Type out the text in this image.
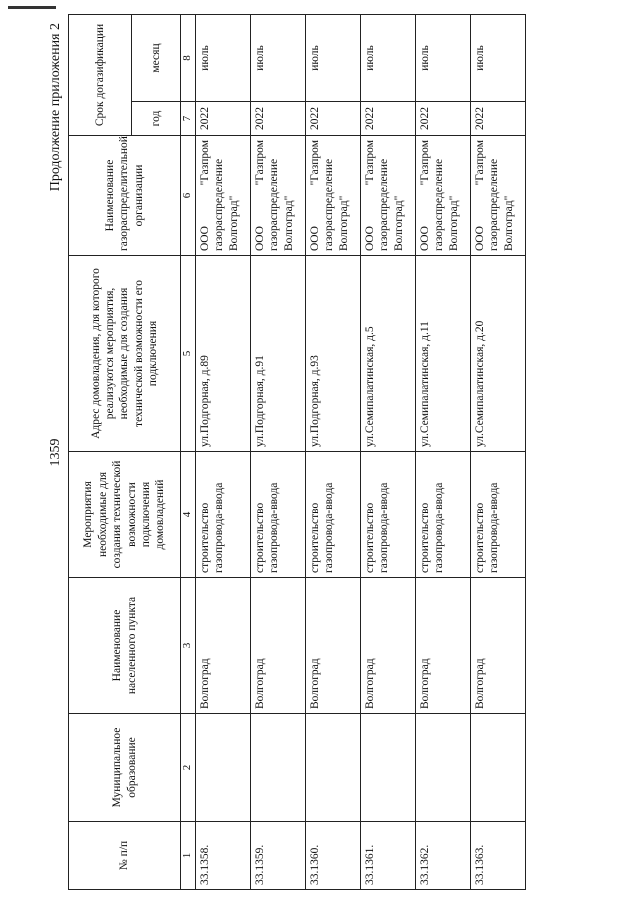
1359
Продолжение приложения 2
№ п/п	Муниципальное образование	Наименование населенного пункта	Мероприятия необходимые для создания технической возможности подключения домовладений	Адрес домовладения, для которого реализуются мероприятия, необходимые для создания технической возможности его подключения	Наименование газораспределительной организации	Срок догазификации	
						год	месяц
1	2	3	4	5	6	7	8
33.1358.		Волгоград	строительство газопровода-ввода	ул.Подгорная, д.89	ООО "Газпром газораспределение Волгоград"	2022	июль
33.1359.		Волгоград	строительство газопровода-ввода	ул.Подгорная, д.91	ООО "Газпром газораспределение Волгоград"	2022	июль
33.1360.		Волгоград	строительство газопровода-ввода	ул.Подгорная, д.93	ООО "Газпром газораспределение Волгоград"	2022	июль
33.1361.		Волгоград	строительство газопровода-ввода	ул.Семипалатинская, д.5	ООО "Газпром газораспределение Волгоград"	2022	июль
33.1362.		Волгоград	строительство газопровода-ввода	ул.Семипалатинская, д.11	ООО "Газпром газораспределение Волгоград"	2022	июль
33.1363.		Волгоград	строительство газопровода-ввода	ул.Семипалатинская, д.20	ООО "Газпром газораспределение Волгоград"	2022	июль
